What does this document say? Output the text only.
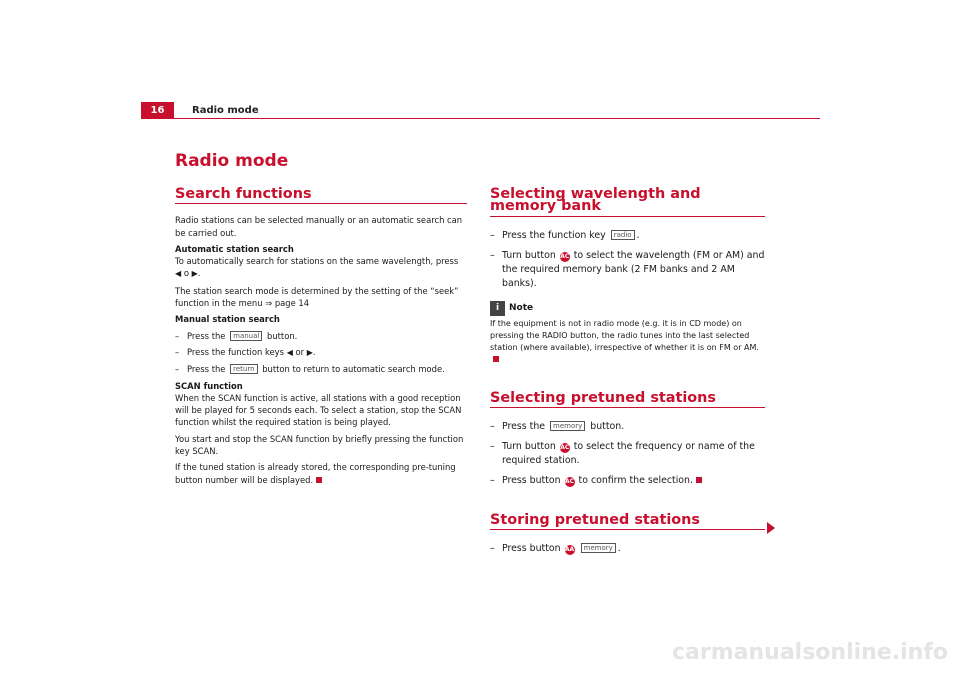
16	Radio mode
Radio mode
Search functions

Radio stations can be selected manually or an automatic search can be carried out.

Automatic station search

To automatically search for stations on the same wavelength, press ◀ o ▶.

The station search mode is determined by the setting of the “seek” function in the menu ⇒ page 14

Manual station search

– Press the manual button.
– Press the function keys ◀ or ▶.
– Press the return button to return to automatic search mode.

SCAN function

When the SCAN function is active, all stations with a good reception will be played for 5 seconds each. To select a station, stop the SCAN function whilst the required station is being played.

You start and stop the SCAN function by briefly pressing the function key SCAN.

If the tuned station is already stored, the corresponding pre-tuning button number will be displayed.

Selecting wavelength and memory bank
– Press the function key radio .
– Turn button AC to select the wavelength (FM or AM) and the required memory bank (2 FM banks and 2 AM banks).
i	Note

If the equipment is not in radio mode (e.g. it is in CD mode) on pressing the RADIO button, the radio tunes into the last selected station (where available), irrespective of whether it is on FM or AM.

Selecting pretuned stations
– Press the memory button.
– Turn button AC to select the frequency or name of the required station.
– Press button AC to confirm the selection.
Storing pretuned stations
– Press button AA memory .
carmanualsonline.info
